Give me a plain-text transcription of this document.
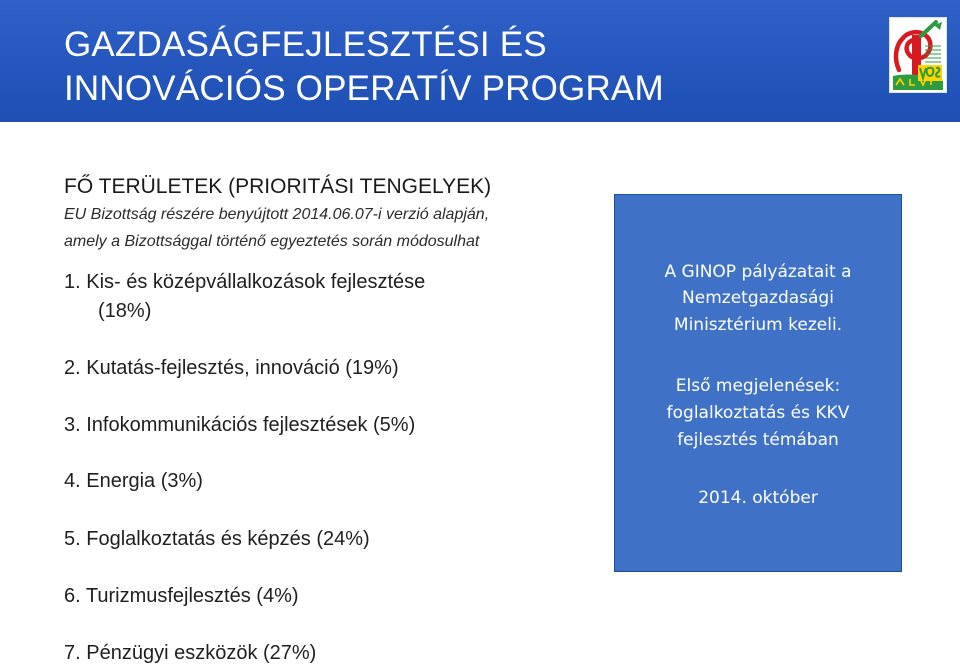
GAZDASÁGFEJLESZTÉSI ÉS
INNOVÁCIÓS OPERATÍV PROGRAM
FŐ TERÜLETEK (PRIORITÁSI TENGELYEK)
EU Bizottság részére benyújtott 2014.06.07-i verzió alapján,
amely a Bizottsággal történő egyeztetés során módosulhat
1. Kis- és középvállalkozások fejlesztése
(18%)
2. Kutatás-fejlesztés, innováció (19%)
3. Infokommunikációs fejlesztések (5%)
4. Energia (3%)
5. Foglalkoztatás és képzés (24%)
6. Turizmusfejlesztés (4%)
7. Pénzügyi eszközök (27%)
A GINOP pályázatait a
Nemzetgazdasági
Minisztérium kezeli.
Első megjelenések:
foglalkoztatás és KKV
fejlesztés témában
2014. október
